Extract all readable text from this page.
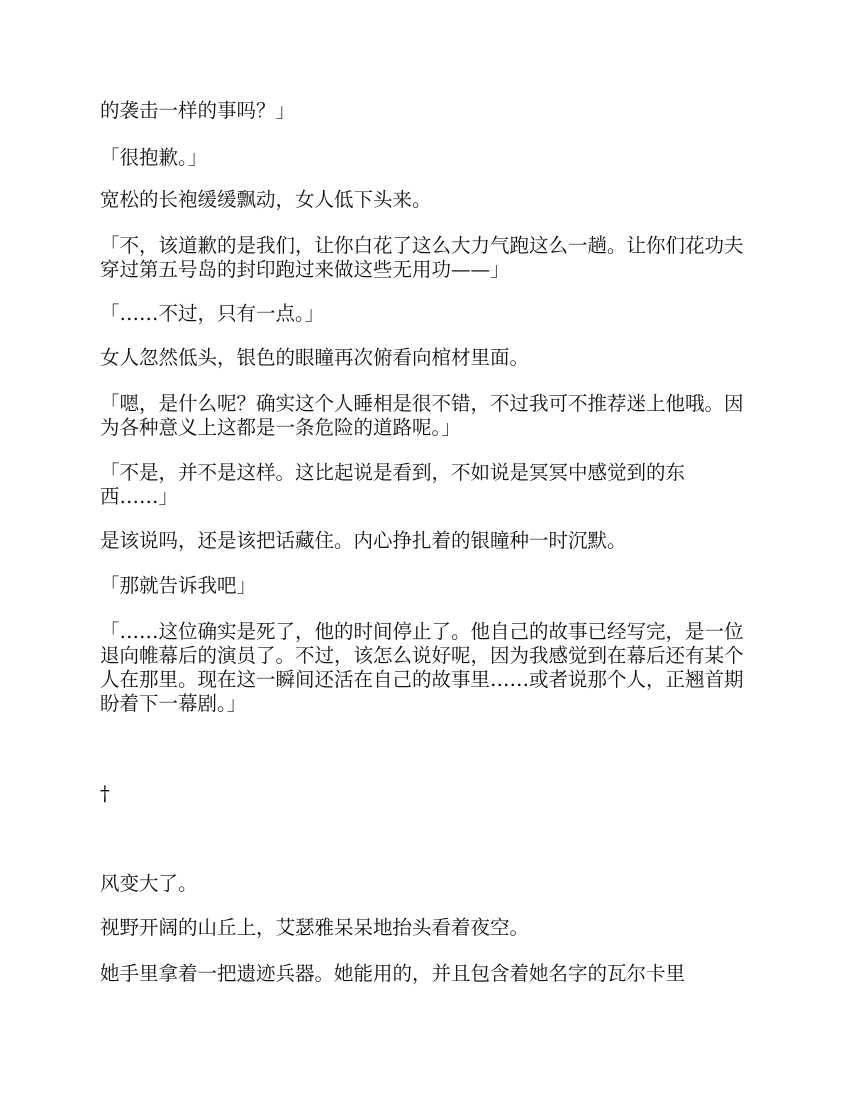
的袭击一样的事吗？」

「很抱歉。」

宽松的长袍缓缓飘动，女人低下头来。

「不，该道歉的是我们，让你白花了这么大力气跑这么一趟。让你们花功夫穿过第五号岛的封印跑过来做这些无用功——」

「……不过，只有一点。」

女人忽然低头，银色的眼瞳再次俯看向棺材里面。

「嗯，是什么呢？确实这个人睡相是很不错，不过我可不推荐迷上他哦。因为各种意义上这都是一条危险的道路呢。」

「不是，并不是这样。这比起说是看到，不如说是冥冥中感觉到的东西……」

是该说吗，还是该把话藏住。内心挣扎着的银瞳种一时沉默。

「那就告诉我吧」

「……这位确实是死了，他的时间停止了。他自己的故事已经写完，是一位退向帷幕后的演员了。不过，该怎么说好呢，因为我感觉到在幕后还有某个人在那里。现在这一瞬间还活在自己的故事里……或者说那个人，正翘首期盼着下一幕剧。」

†

风变大了。

视野开阔的山丘上，艾瑟雅呆呆地抬头看着夜空。

她手里拿着一把遗迹兵器。她能用的，并且包含着她名字的瓦尔卡里
